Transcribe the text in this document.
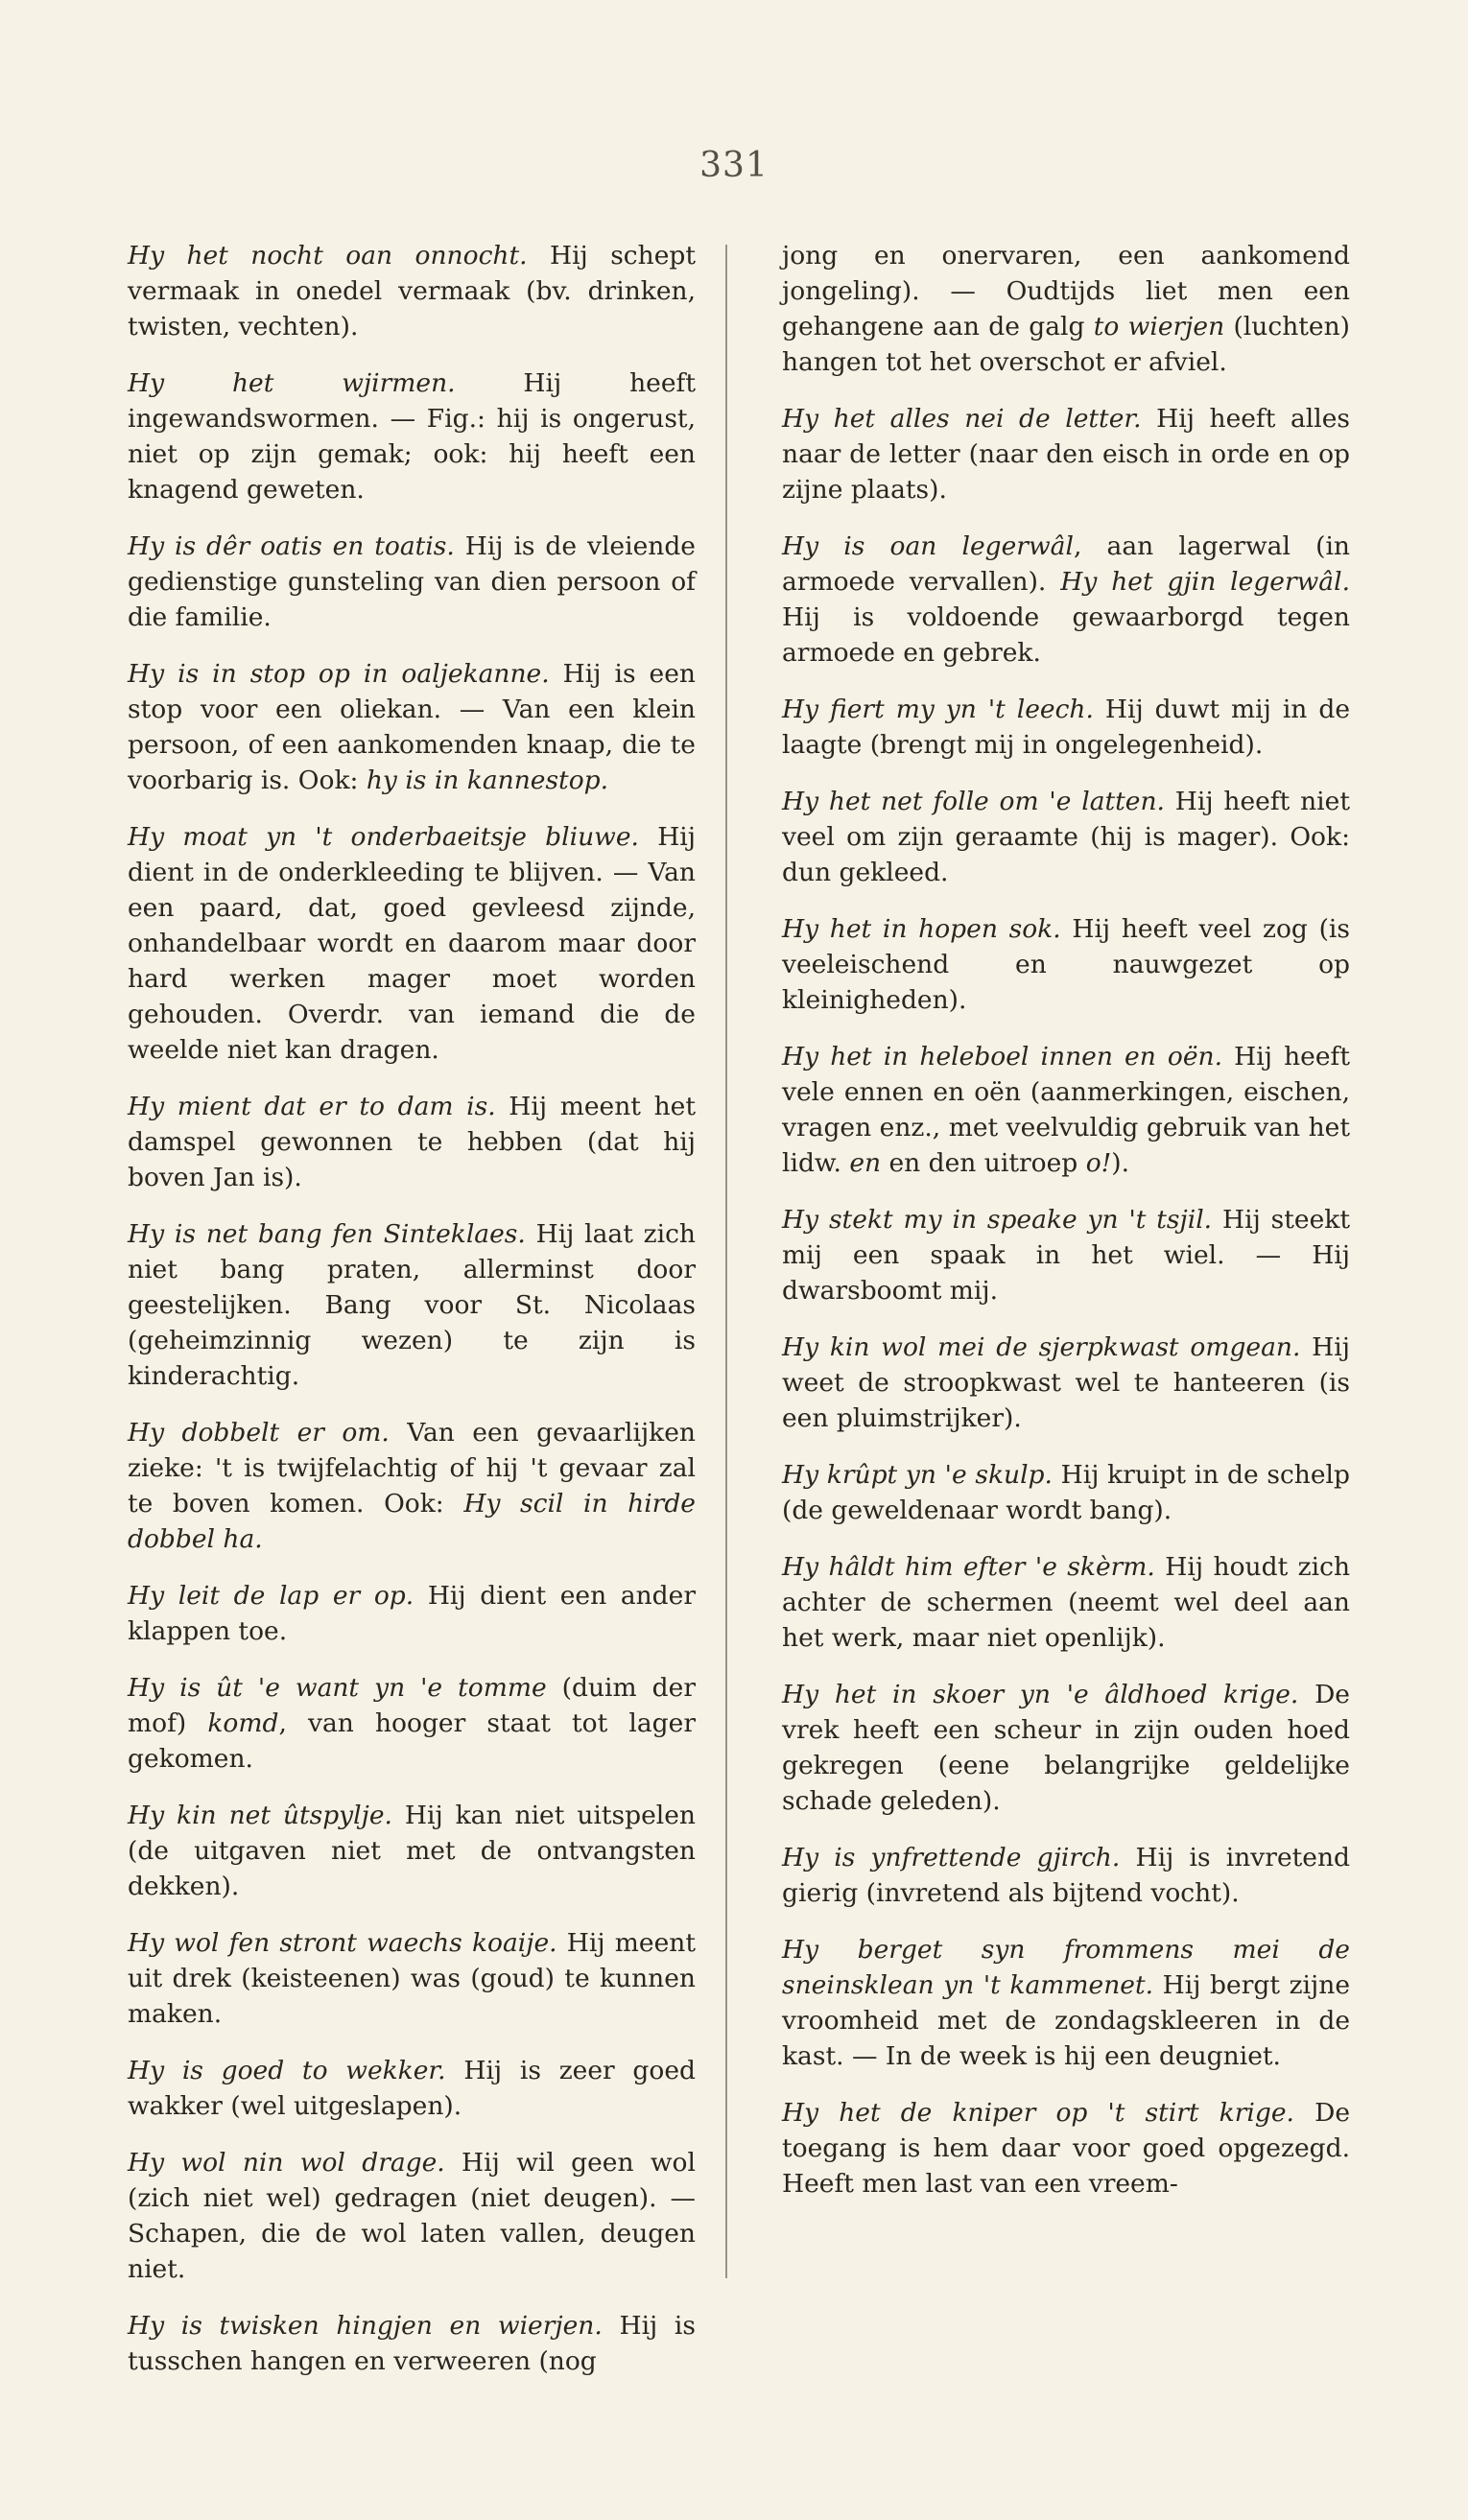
331

Hy het nocht oan onnocht. Hij schept vermaak in onedel vermaak (bv. drinken, twisten, vechten).

Hy het wjirmen. Hij heeft ingewandswormen. — Fig.: hij is ongerust, niet op zijn gemak; ook: hij heeft een knagend geweten.

Hy is dêr oatis en toatis. Hij is de vleiende gedienstige gunsteling van dien persoon of die familie.

Hy is in stop op in oaljekanne. Hij is een stop voor een oliekan. — Van een klein persoon, of een aankomenden knaap, die te voorbarig is. Ook: hy is in kannestop.

Hy moat yn 't onderbaeitsje bliuwe. Hij dient in de onderkleeding te blijven. — Van een paard, dat, goed gevleesd zijnde, onhandelbaar wordt en daarom maar door hard werken mager moet worden gehouden. Overdr. van iemand die de weelde niet kan dragen.

Hy mient dat er to dam is. Hij meent het damspel gewonnen te hebben (dat hij boven Jan is).

Hy is net bang fen Sinteklaes. Hij laat zich niet bang praten, allerminst door geestelijken. Bang voor St. Nicolaas (geheimzinnig wezen) te zijn is kinderachtig.

Hy dobbelt er om. Van een gevaarlijken zieke: 't is twijfelachtig of hij 't gevaar zal te boven komen. Ook: Hy scil in hirde dobbel ha.

Hy leit de lap er op. Hij dient een ander klappen toe.

Hy is ût 'e want yn 'e tomme (duim der mof) komd, van hooger staat tot lager gekomen.

Hy kin net ûtspylje. Hij kan niet uitspelen (de uitgaven niet met de ontvangsten dekken).

Hy wol fen stront waechs koaije. Hij meent uit drek (keisteenen) was (goud) te kunnen maken.

Hy is goed to wekker. Hij is zeer goed wakker (wel uitgeslapen).

Hy wol nin wol drage. Hij wil geen wol (zich niet wel) gedragen (niet deugen). — Schapen, die de wol laten vallen, deugen niet.

Hy is twisken hingjen en wierjen. Hij is tusschen hangen en verweeren (nog

jong en onervaren, een aankomend jongeling). — Oudtijds liet men een gehangene aan de galg to wierjen (luchten) hangen tot het overschot er afviel.

Hy het alles nei de letter. Hij heeft alles naar de letter (naar den eisch in orde en op zijne plaats).

Hy is oan legerwâl, aan lagerwal (in armoede vervallen). Hy het gjin legerwâl. Hij is voldoende gewaarborgd tegen armoede en gebrek.

Hy fiert my yn 't leech. Hij duwt mij in de laagte (brengt mij in ongelegenheid).

Hy het net folle om 'e latten. Hij heeft niet veel om zijn geraamte (hij is mager). Ook: dun gekleed.

Hy het in hopen sok. Hij heeft veel zog (is veeleischend en nauwgezet op kleinigheden).

Hy het in heleboel innen en oën. Hij heeft vele ennen en oën (aanmerkingen, eischen, vragen enz., met veelvuldig gebruik van het lidw. en en den uitroep o!).

Hy stekt my in speake yn 't tsjil. Hij steekt mij een spaak in het wiel. — Hij dwarsboomt mij.

Hy kin wol mei de sjerpkwast omgean. Hij weet de stroopkwast wel te hanteeren (is een pluimstrijker).

Hy krûpt yn 'e skulp. Hij kruipt in de schelp (de geweldenaar wordt bang).

Hy hâldt him efter 'e skèrm. Hij houdt zich achter de schermen (neemt wel deel aan het werk, maar niet openlijk).

Hy het in skoer yn 'e âldhoed krige. De vrek heeft een scheur in zijn ouden hoed gekregen (eene belangrijke geldelijke schade geleden).

Hy is ynfrettende gjirch. Hij is invretend gierig (invretend als bijtend vocht).

Hy berget syn frommens mei de sneinsklean yn 't kammenet. Hij bergt zijne vroomheid met de zondagskleeren in de kast. — In de week is hij een deugniet.

Hy het de kniper op 't stirt krige. De toegang is hem daar voor goed opgezegd. Heeft men last van een vreem-
